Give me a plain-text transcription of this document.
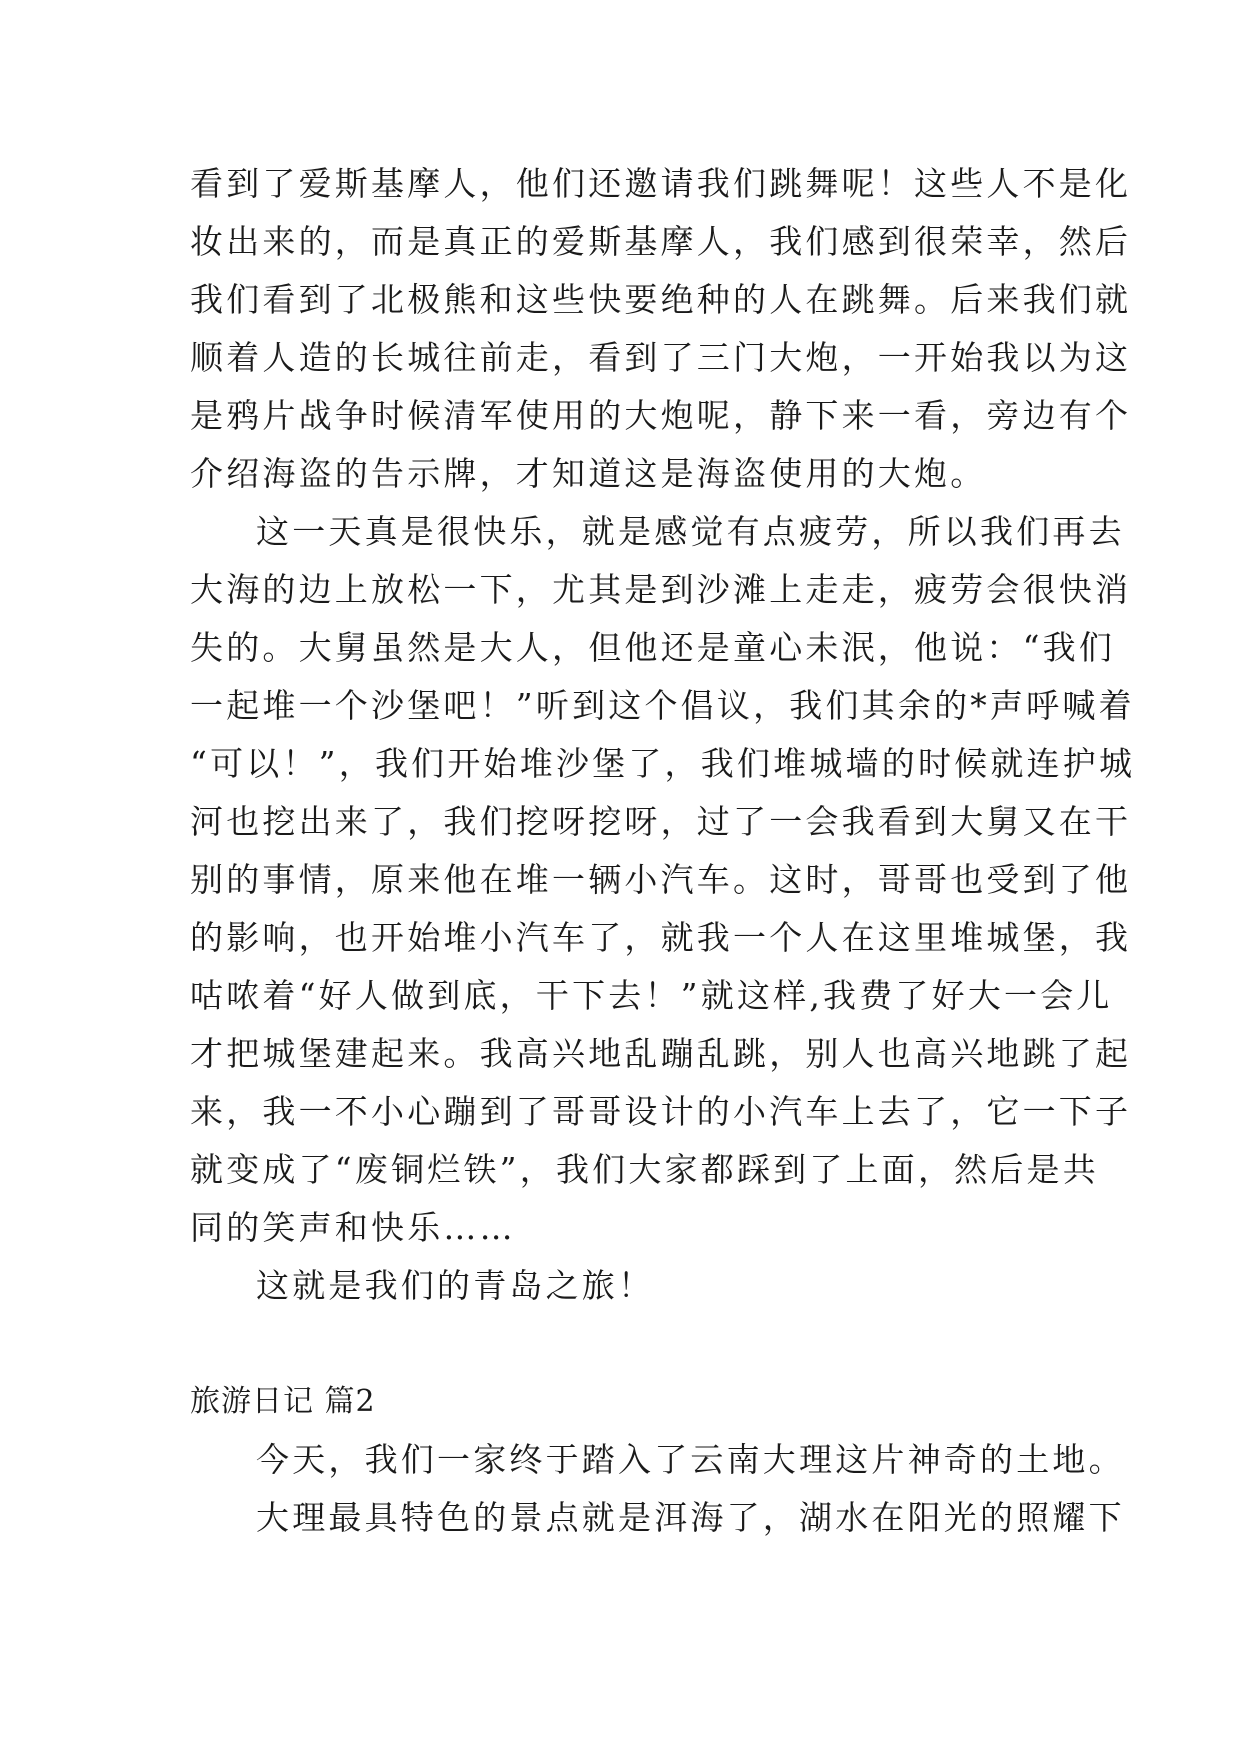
看到了爱斯基摩人，他们还邀请我们跳舞呢！这些人不是化
妆出来的，而是真正的爱斯基摩人，我们感到很荣幸，然后
我们看到了北极熊和这些快要绝种的人在跳舞。后来我们就
顺着人造的长城往前走，看到了三门大炮，一开始我以为这
是鸦片战争时候清军使用的大炮呢，静下来一看，旁边有个
介绍海盗的告示牌，才知道这是海盗使用的大炮。
这一天真是很快乐，就是感觉有点疲劳，所以我们再去
大海的边上放松一下，尤其是到沙滩上走走，疲劳会很快消
失的。大舅虽然是大人，但他还是童心未泯，他说：“我们
一起堆一个沙堡吧！”听到这个倡议，我们其余的*声呼喊着
“可以！”，我们开始堆沙堡了，我们堆城墙的时候就连护城
河也挖出来了，我们挖呀挖呀，过了一会我看到大舅又在干
别的事情，原来他在堆一辆小汽车。这时，哥哥也受到了他
的影响，也开始堆小汽车了，就我一个人在这里堆城堡，我
咕哝着“好人做到底，干下去！”就这样,我费了好大一会儿
才把城堡建起来。我高兴地乱蹦乱跳，别人也高兴地跳了起
来，我一不小心蹦到了哥哥设计的小汽车上去了，它一下子
就变成了“废铜烂铁”，我们大家都踩到了上面，然后是共
同的笑声和快乐……
这就是我们的青岛之旅！
旅游日记 篇2
今天，我们一家终于踏入了云南大理这片神奇的土地。
大理最具特色的景点就是洱海了，湖水在阳光的照耀下
